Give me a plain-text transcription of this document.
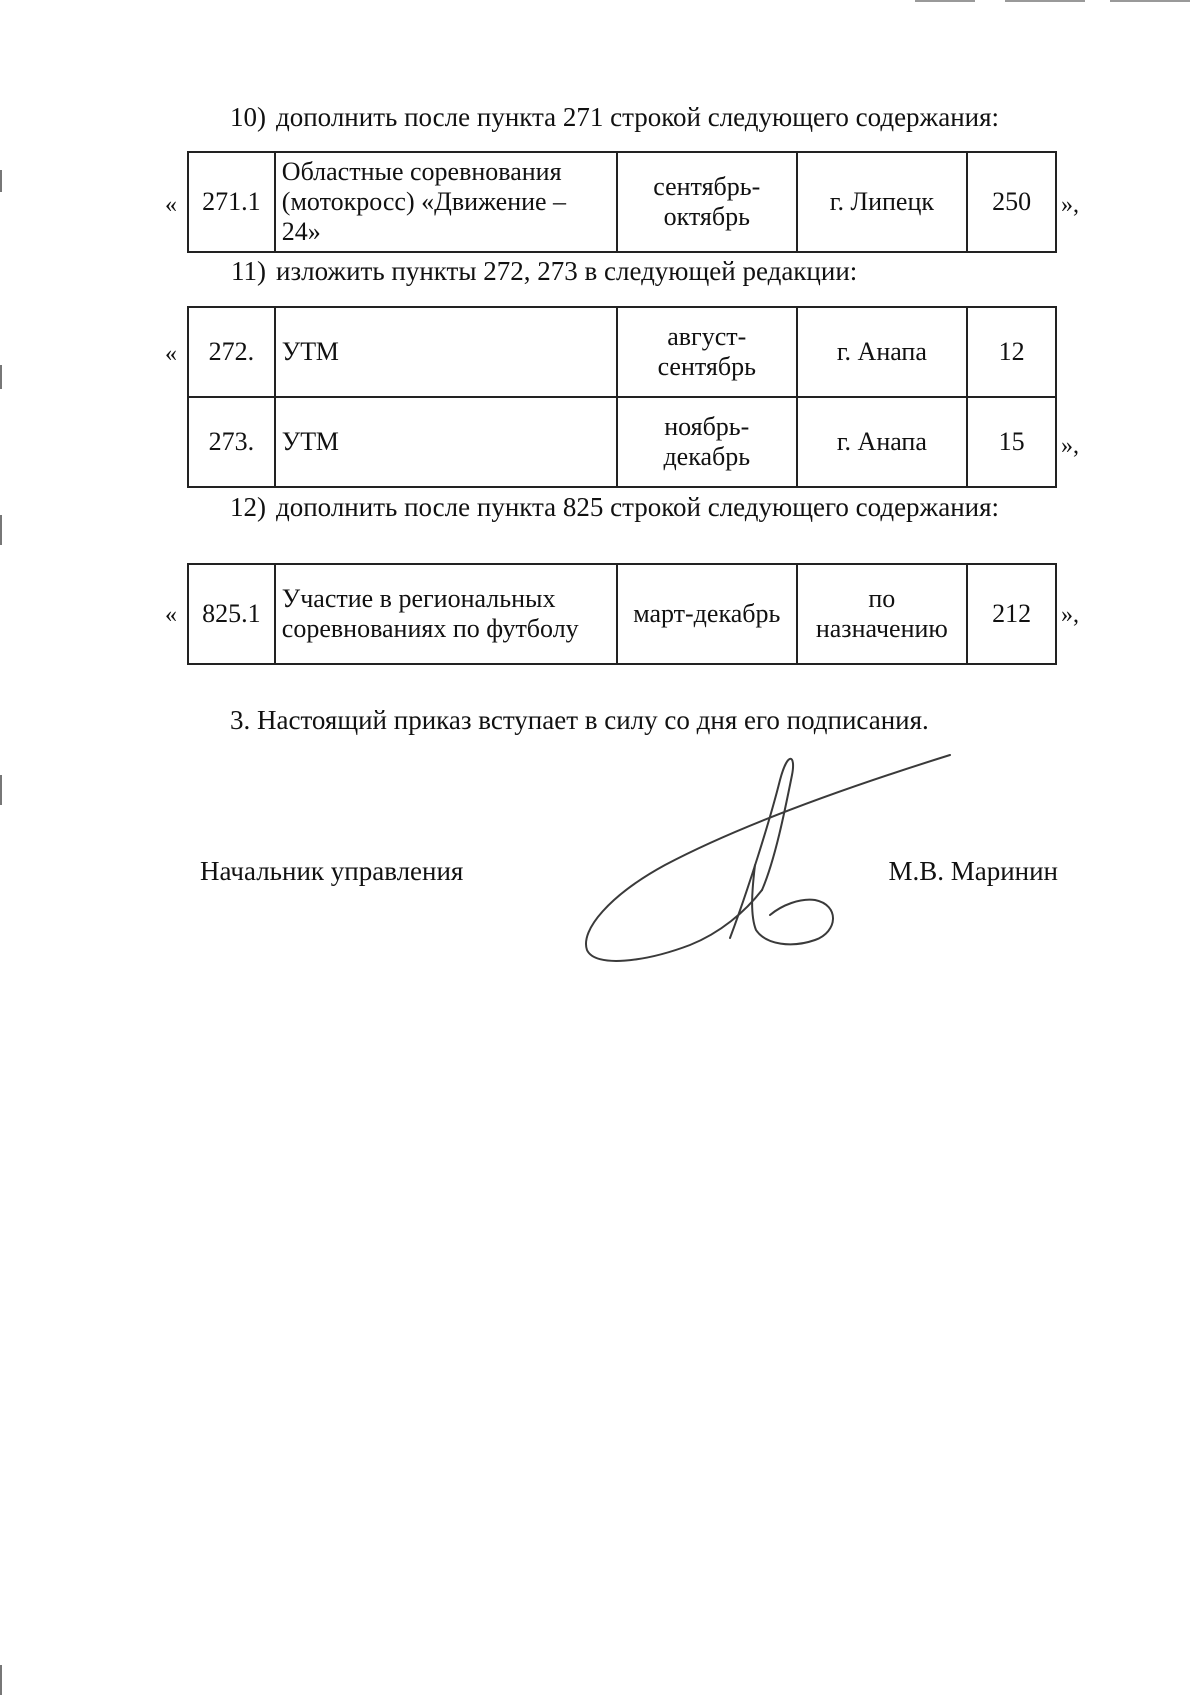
10) дополнить после пункта 271 строкой следующего содержания:
« 271.1	Областные соревнования (мотокросс) «Движение – 24»	сентябрь-октябрь	г. Липецк	250 »,
11) изложить пункты 272, 273 в следующей редакции:
« 272.	УТМ	август-сентябрь	г. Анапа	12
273.	УТМ	ноябрь-декабрь	г. Анапа	15 »,
12) дополнить после пункта 825 строкой следующего содержания:
« 825.1	Участие в региональных соревнованиях по футболу	март-декабрь	по назначению	212 »,
3. Настоящий приказ вступает в силу со дня его подписания.
Начальник управления	М.В. Маринин
